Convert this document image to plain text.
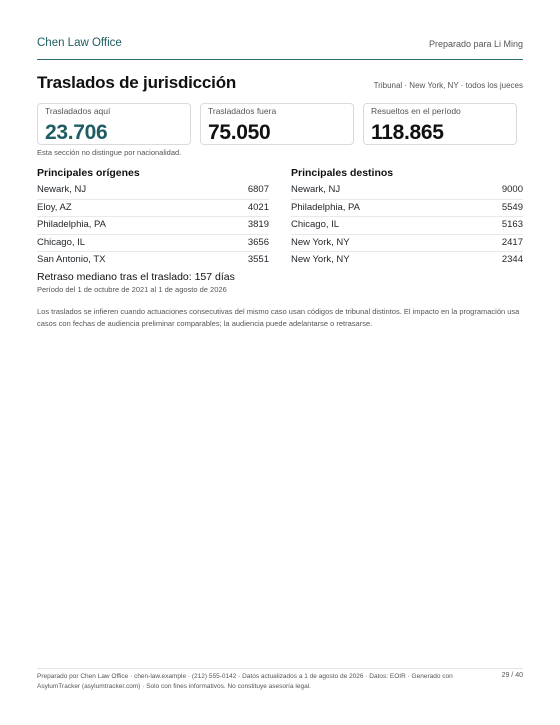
Chen Law Office	Preparado para Li Ming
Traslados de jurisdicción	Tribunal · New York, NY · todos los jueces
Trasladados aquí
23.706
Trasladados fuera
75.050
Resueltos en el período
118.865
Esta sección no distingue por nacionalidad.
Principales orígenes
Newark, NJ	6807
Eloy, AZ	4021
Philadelphia, PA	3819
Chicago, IL	3656
San Antonio, TX	3551
Principales destinos
Newark, NJ	9000
Philadelphia, PA	5549
Chicago, IL	5163
New York, NY	2417
New York, NY	2344
Retraso mediano tras el traslado: 157 días
Período del 1 de octubre de 2021 al 1 de agosto de 2026
Los traslados se infieren cuando actuaciones consecutivas del mismo caso usan códigos de tribunal distintos. El impacto en la programación usa casos con fechas de audiencia preliminar comparables; la audiencia puede adelantarse o retrasarse.
Preparado por Chen Law Office · chen-law.example · (212) 555-0142 · Datos actualizados a 1 de agosto de 2026 · Datos: EOIR · Generado con AsylumTracker (asylumtracker.com) · Solo con fines informativos. No constituye asesoría legal.
29 / 40
